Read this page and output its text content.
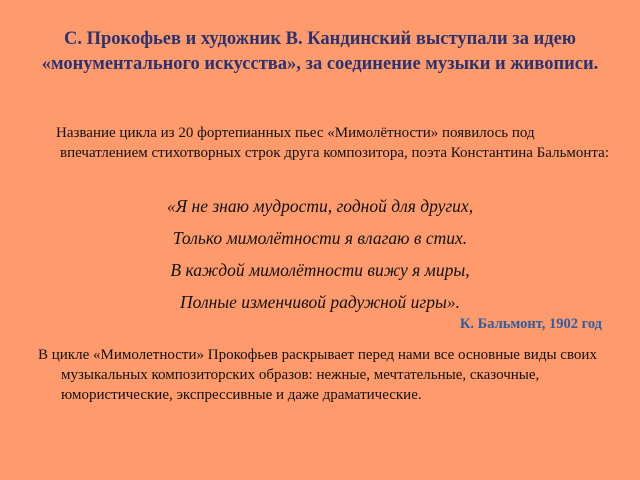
С. Прокофьев и художник В. Кандинский выступали за идею «монументального искусства», за соединение музыки и живописи.
Название цикла из 20 фортепианных пьес «Мимолётности» появилось под впечатлением стихотворных строк друга композитора, поэта Константина Бальмонта:
«Я не знаю мудрости, годной для других,
Только мимолётности я влагаю в стих.
В каждой мимолётности вижу я миры,
Полные изменчивой радужной игры».
К. Бальмонт, 1902 год
В цикле «Мимолетности» Прокофьев раскрывает перед нами все основные виды своих музыкальных композиторских образов: нежные, мечтательные, сказочные, юмористические, экспрессивные и даже драматические.
